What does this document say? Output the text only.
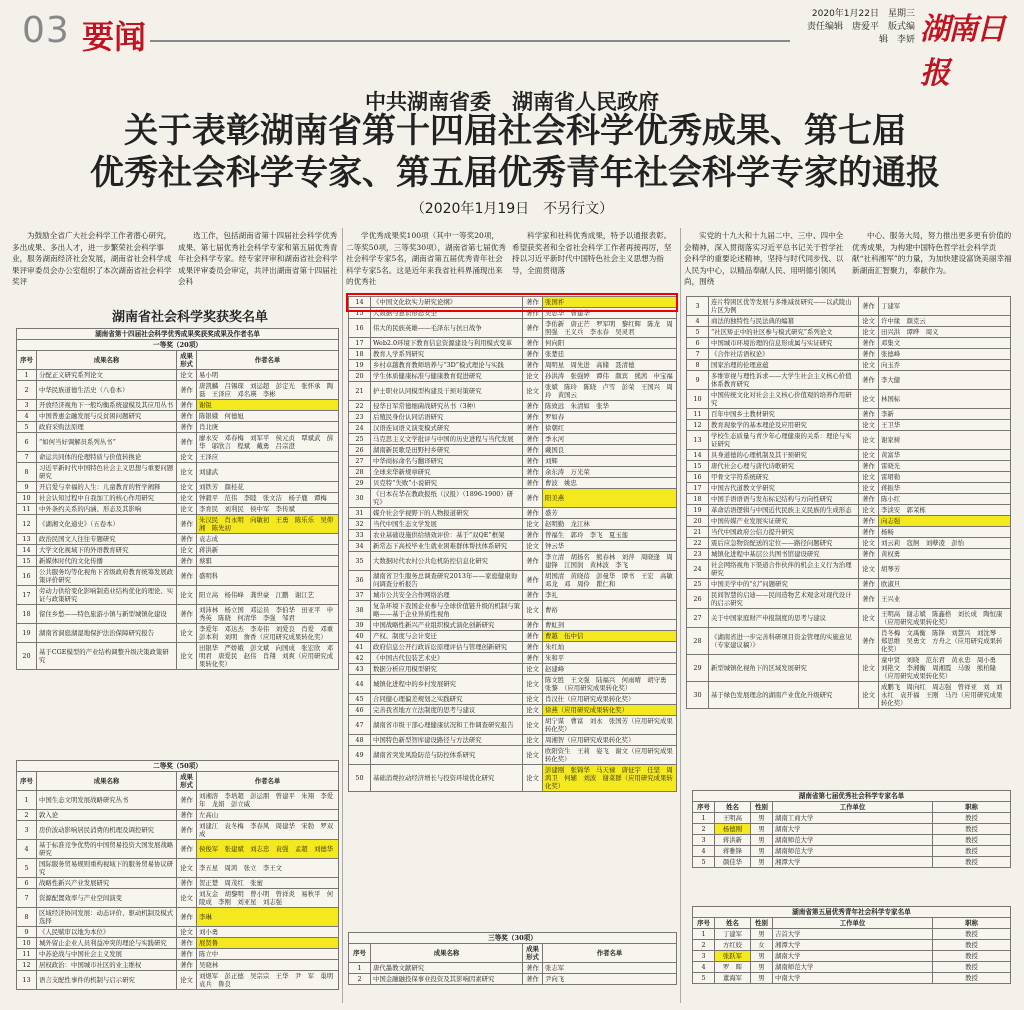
03 要闻
2020年1月22日　星期三
责任编辑　唐爱平　版式编辑　李妍 湖南日报
中共湖南省委　湖南省人民政府
关于表彰湖南省第十四届社会科学优秀成果、第七届
优秀社会科学专家、第五届优秀青年社会科学专家的通报
（2020年1月19日　不另行文）
为鼓励全省广大社会科学工作者潜心研究，多出成果、多出人才，进一步繁荣社会科学事业，服务湖南经济社会发展，湖南省社会科学成果评审委员会办公室组织了本次湖南省社会科学奖评
选工作，包括湖南省第十四届社会科学优秀成果、第七届优秀社会科学专家和第五届优秀青年社会科学专家。经专家评审和湖南省社会科学成果评审委员会审定，共评出湖南省第十四届社会科
学优秀成果奖100项（其中一等奖20项，二等奖50项，三等奖30项），湖南省第七届优秀社会科学专家5名，湖南省第五届优秀青年社会科学专家5名。这是近年来我省社科界涌现出来的优秀社
科学家和社科优秀成果，特予以通报表彰。希望获奖者和全省社会科学工作者再接再厉，坚持以习近平新时代中国特色社会主义思想为指导，全面贯彻落
实党的十九大和十九届二中、三中、四中全会精神，深入贯彻落实习近平总书记关于哲学社会科学的重要论述精神，坚持与时代同步伐、以人民为中心，以精品奉献人民、用明德引领风尚，围绕
中心、服务大局，努力推出更多更有价值的优秀成果，为构建中国特色哲学社会科学贡献“社科湘军”的力量，为加快建设富饶美丽幸福新湖南汇智聚力，奉献作为。
湖南省社会科学奖获奖名单
湖南省第十四届社会科学优秀成果奖获奖成果及作者名单			
一等奖（20项）			
序号	成果名称	成果形式	作者名单
1	分配正义研究系列论文	论文	易小明
2	中华民族道德生活史（八卷本）	著作	唐凯麟　吕锡琛　刘运超　彭定光　张怀承　陶磊　王泽应　邓名瑛　李彬
3	开放经济视角下一般均衡系统建模及其应用丛书	著作	谢锐
4	中国普惠金融发展与反贫困问题研究	著作	陈银娥　何德旭
5	政府采购法原理	著作	肖北庚
6	“如何当好调解员系列丛书”	著作	廖永安　邓春梅　刘军平　侯元贞　覃斌武　薛华　邬欣言　程斌　戴勇　吕宗澄
7	命运共同体的伦理特质与价值转换论	论文	王泽应
8	习近平新时代中国特色社会主义思想与重要问题研究	论文	刘建武
9	开启爱与幸福的人生：儿童教育的哲学阐释	论文	刘铁芳　颜桂花
10	社会认知过程中自我加工的核心作用研究	论文	钟毅平　范伟　李睦　张文洁　杨子鹿　谭梅
11	中外条约关系的内涵、形态及其影响	论文	李育民　刘利民　侯中军　李传斌
12	《湖湘文化通史》（五卷本）	著作	朱汉民　肖永明　向敏初　王勇　陈乐乐　吴仰湘　陈先初
13	政治民国文人往往专题研究	著作	袁志成
14	大学文化视域下的外语教育研究	论文	蒋洪新
15	新媒体时代的文化传播	著作	蔡骐
16	公共服务均等化视角下省级政府教育统筹发展政策评价研究	著作	盛明科
17	劳动力供给变化影响制造业结构优化的理论、实证与政策研究	论文	阳立高　杨伟峰　龚世豪　江鹏　谢江艺
18	留住乡愁——特色旅游小镇与新型城镇化建设	著作	刘沛林　杨立国　邓运员　李伯华　田亚平　申秀英　陈晓　何清华　李强　邹君
19	湖南省洞庭湖湿地保护法治保障研究报告	论文	李爱年　邓达杰　李寿伟　刘爱良　肖爱　邓重　彭本利　刘明　詹香（应用研究成果转化奖）
20	基于CGE模型的产业结构调整升级决策政策研究	论文	田银华　严娇娥　彭文斌　向国成　张宏欣　邓明君　唐爱民　赵伟　肖翔　刘爽（应用研究成果转化奖）
二等奖（50项）			
序号	成果名称	成果形式	作者名单
1	中国生态文明发展战略研究丛书	著作	刘湘溶　李培超　彭运朋　曾建平　朱翔　李爱年　龙娟　彭立威
2	敦入论	著作	左高山
3	房价波动影响居民消费的机理及调控研究	著作	刘建江　袁冬梅　李春风　周建华　宋勃　罗双成
4	基于标准竞争优势的中国贸易投资大国发展战略研究	著作	侯俊军　张建斌　刘志忠　袁强　孟超　刘德华
5	国际服务贸易规则重构视域下的服务贸易协议研究	论文	李五星　周鸿　张立　李王文
6	战略性新兴产业发展研究	著作	贺正楚　周茂红　张蜜
7	资源配置效率与产业空间演变	论文	刘友金　胡黎明　曾小明　曾祥炎　易秋平　何陵成　李刚　刘亚星　刘志强
8	区域经济协同发展：动态评价、驱动机制及模式选择	著作	李琳
9	《人民赋审以地为本位》	论文	刘小勇
10	城外留止企业人员利益冲突的理论与实践研究	著作	展贤鲁
11	中苏论战与中国社会主义发展	著作	陈立中
12	居权政治：中国城市社区的业主维权	著作	吴晓林
13	语言支配性事件的机制与启示研究	论文	刘煜军　彭正德　吴宗宗　王华　尹　军　巢明　袁兵　鲁良
14	《中国文化软实力研究论纲》	著作	张国祚
15	大数据与意识形态安全	著作	吴思华　曹建华
16	伟大的民族英雄——毛泽东与抗日战争	著作	李佑新　唐正芒　罗军明　黎红辉　陈龙　周照强　王义兵　李永春　吴灵君
17	Web2.0环境下教育信息资源建设与利用模式变革	著作	何向阳
18	教育人学系列研究	著作	张楚廷
19	乡村卓越教育教师培养与“3D”模式理论与实践	著作	周明星　周先进　高储　聂清德
20	学生体质健康标准与健康教育促进研究	论文	孙洪涛　张强婷　谭伟　颜宾　熊茜　申宝福
21	护士职业认同模型构建及干预对策研究	论文	张斌　陈玲　陈晓　卢雪　彭荣　王国兴　周玲　黄国云
22	侵华日军常德细菌战研究丛书（3种）	著作	陈致远　朱清如　张华
23	后殖民身份认同话语研究	著作	罗如春
24	汉语连词语义演变模式研究	著作	徐朝红
25	马克思主义文学批评与中国的历史进程与当代发展	著作	季水河
26	湖南新民歌是田野村乡研究	著作	戴国良
27	中华商标命名与翻译研究	著作	刘辉
28	全球来华新规章研究	著作	余东涛　万光荣
29	贝克特“失败”小说研究	著作	曹波　姚忠
30	《日本在华在教政报纸（汉报）（1896-1900）研究》	著作	阳美燕
31	媒介社会学视野下的人物报道研究	著作	盛芳
32	当代中国生态文学发展	论文	赵明勤　龙江林
33	农业基础设施供给绩效评价：基于“双QE”框架	著作	曾福生　郭玲　李飞　夏玉莲
34	新常态下高校毕业生就业困难群体帮扶体系研究	论文	钟云华
35	大数据时代农村公共危机防控信息化研究	著作	李立清　胡扬名　熊春林　刘萍　周晓逢　周建锋　江国润　黄林波　李飞
36	湖南省卫生服务总调查研究2013年——家庭健康询问调查分析报告	著作	胡国清　黄晓蓓　彭曼华　谭书　王宏　高敏　邓龙　邓　周伶　瞿仁和
37	城市公共安全合作网络治理	著作	李礼
38	复杂环境下我国企业参与全球价值链升级的机制与策略——基于企业异质性视角	论文	曹裕
39	中国战略性新兴产业组织模式演化创新研究	著作	曹虹剑
40	产权、制度与会计变迁	著作	曹越　伍中信
41	政府信息公开行政诉讼原理评估与管理创新研究	著作	朱红灿
42	《中国古代包装艺术史》	著作	朱和平
43	数据分析应用模型研究	论文	赵建峰
44	城镇化进程中的乡村发展研究	论文	陈文胜　王文强　陆福兴　何雨晴　胡守勇　张黎　（应用研究成果转化奖）
45	合同健心理偏差规划之实践研究	论文	肖汉仕（应用研究成果转化奖）
46	完善我省地方立法制度的思考与建议	论文	徐燕（应用研究成果转化奖）
47	湖南省市级干部心理健康状况和工作调查研究报告	论文	胡宁谋　曹富　刘永　张国芳（应用研究成果转化奖）
48	中国特色新型智库建设路径与方法研究	论文	周湘智（应用研究成果转化奖）
49	湖南省突发风险防范与防控体系研究	论文	欧阳资生　王莉　姿飞　谢文（应用研究成果转化奖）
50	基础消费拉动经济增长与投资环境优化研究	论文	彭建刚　张锦华　马天禄　唐征宇　任坚　周鸿卫　何辅　刘波　谢菜群（应用研究成果转化奖）
三等奖（30项）			
序号	成果名称	成果形式	作者名单
1	唐代墨教文献研究	著作	张志军
2	中国金融融投保事业投资及其影响因素研究	著作	尹向飞
3	连片特困区优等发展与多维减贫研究——以武陵山片区为例	著作	丁建军
4	商法的独特性与民法典的编纂	论文	许中缘　颜克云
5	“社区矫正中的社区参与模式研究”系列论文	论文	田兴洪　谭晔　周义
6	中国城市环境治理的信息形成属与实证研究	著作	邓集文
7	《合作社话语权论》	著作	张德峰
8	国家治理的伦理意蕴	论文	向玉乔
9	多维审视与理性诉求——大学生社会主义核心价值体系教育研究	著作	李大健
10	中国传统文化对社会主义核心价值观的培养作用研究	论文	林国标
11	百年中国乡土教材研究	著作	李新
12	教育现象学的基本理论及应用研究	论文	王卫华
13	学校生态质量与青少年心理健康的关系：理论与实证研究	论文	谢家树
14	具身道德的心理机制及其干预研究	论文	黄富华
15	唐代社会心理与唐代诗歌研究	著作	雷晓光
16	甲骨文字符系统研究	论文	雷珺勒
17	中国古代道教文学研究	论文	蒋振华
18	中国手语语语与发布标记结构与方向性研究	著作	陈小红
19	革命话语逻辑与中国近代民族主义民族的生成形态	论文	李淡安　郭茉栋
20	中国传媒产业发展实证研究	著作	向志强
21	当代中国政府公信力提升研究	著作	杨畅
22	震后应急物资配送的定位——路径问题研究	论文	刘云莉　寇舸　刘孽凌　彭怡
23	城镇化进程中基层公共图书馆建设研究	著作	黄权勇
24	社会网络视角下渠道合作伙伴的机会主义行为治理研究	论文	胡琴芳
25	中国美学中的“幻”问题研究	著作	欧淑旦
26	民间智慧的启迪——民间造物艺术观念对现代设计的启示研究	著作	王兴业
27	关于中国家庭财产申报制度的思考与建议	论文	王明高　谢志斌　陈鑫格　刘长成　陶恒康（应用研究成果转化奖）
28	《湖南省进一步完善科研项目资金管理的实施意见（专家建议稿）》	著作	肖冬梅　文禹衡　陈锋　刘慧兴　刘沈琴　郑思维　吴勇文　方舟之（应用研究成果转化奖）
29	新型城镇化视角下的区域发展研究	论文	童中贤　刘晓　范东君　黄永忠　周小勇　刘艳文　李湘衡　周湘霞　马骏　熊柏隆（应用研究成果转化奖）
30	基于绿色发展理念的湖南产业优化升级研究	论文	成鹏飞　周向红　周志强　曾祥亚　刘　刘永红　袁开福　王刚　马丹（应用研究成果转化奖）
湖南省第七届优秀社会科学专家名单				
序号	姓名	性别	工作单位	职称
1	王明高	男	湖南工商大学	教授
2	杨德刚	男	湖南大学	教授
3	蒋洪新	男	湖南师范大学	教授
4	蒋雅锋	男	湖南师范大学	教授
5	颜佳华	男	湘潭大学	教授
湖南省第五届优秀青年社会科学专家名单				
序号	姓名	性别	工作单位	职称
1	丁建军	男	吉首大学	教授
2	方红姣	女	湘潭大学	教授
3	张跃军	男	湖南大学	教授
4	罗　晖	男	湖南师范大学	教授
5	董海军	男	中南大学	教授
